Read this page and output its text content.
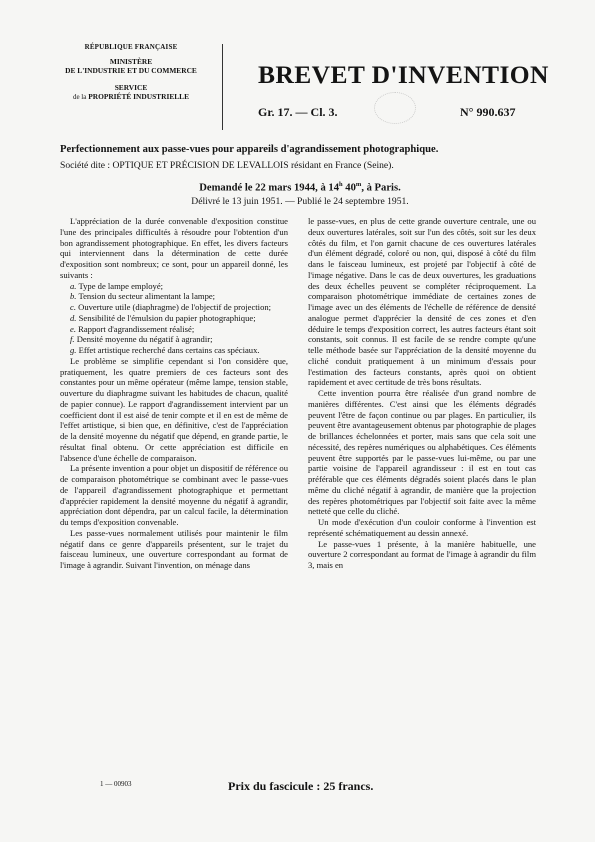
RÉPUBLIQUE FRANÇAISE
MINISTÈRE
DE L'INDUSTRIE ET DU COMMERCE
SERVICE
de la PROPRIÉTÉ INDUSTRIELLE
BREVET D'INVENTION
Gr. 17. — Cl. 3.	N° 990.637
Perfectionnement aux passe-vues pour appareils d'agrandissement photographique.
Société dite : OPTIQUE ET PRÉCISION DE LEVALLOIS résidant en France (Seine).
Demandé le 22 mars 1944, à 14$^h$ 40$^m$, à Paris.
Délivré le 13 juin 1951. — Publié le 24 septembre 1951.

L'appréciation de la durée convenable d'exposition constitue l'une des principales difficultés à résoudre pour l'obtention d'un bon agrandissement photographique. En effet, les divers facteurs qui interviennent dans la détermination de cette durée d'exposition sont nombreux; ce sont, pour un appareil donné, les suivants :

a. Type de lampe employé;

b. Tension du secteur alimentant la lampe;

c. Ouverture utile (diaphragme) de l'objectif de projection;

d. Sensibilité de l'émulsion du papier photographique;

e. Rapport d'agrandissement réalisé;

f. Densité moyenne du négatif à agrandir;

g. Effet artistique recherché dans certains cas spéciaux.

Le problème se simplifie cependant si l'on considère que, pratiquement, les quatre premiers de ces facteurs sont des constantes pour un même opérateur (même lampe, tension stable, ouverture du diaphragme suivant les habitudes de chacun, qualité de papier connue). Le rapport d'agrandissement intervient par un coefficient dont il est aisé de tenir compte et il en est de même de l'effet artistique, si bien que, en définitive, c'est de l'appréciation de la densité moyenne du négatif que dépend, en grande partie, le résultat final obtenu. Or cette appréciation est difficile en l'absence d'une échelle de comparaison.

La présente invention a pour objet un dispositif de référence ou de comparaison photométrique se combinant avec le passe-vues de l'appareil d'agrandissement photographique et permettant d'apprécier rapidement la densité moyenne du négatif à agrandir, appréciation dont dépendra, par un calcul facile, la détermination du temps d'exposition convenable.

Les passe-vues normalement utilisés pour maintenir le film négatif dans ce genre d'appareils présentent, sur le trajet du faisceau lumineux, une ouverture correspondant au format de l'image à agrandir. Suivant l'invention, on ménage dans

le passe-vues, en plus de cette grande ouverture centrale, une ou deux ouvertures latérales, soit sur l'un des côtés, soit sur les deux côtés du film, et l'on garnit chacune de ces ouvertures latérales d'un élément dégradé, coloré ou non, qui, disposé à côté du film dans le faisceau lumineux, est projeté par l'objectif à côté de l'image négative. Dans le cas de deux ouvertures, les graduations des deux échelles peuvent se compléter réciproquement. La comparaison photométrique immédiate de certaines zones de l'image avec un des éléments de l'échelle de référence de densité analogue permet d'apprécier la densité de ces zones et d'en déduire le temps d'exposition correct, les autres facteurs étant soit constants, soit connus. Il est facile de se rendre compte qu'une telle méthode basée sur l'appréciation de la densité moyenne du cliché conduit pratiquement à un minimum d'essais pour l'estimation des facteurs constants, après quoi on obtient rapidement et avec certitude de très bons résultats.

Cette invention pourra être réalisée d'un grand nombre de manières différentes. C'est ainsi que les éléments dégradés peuvent l'être de façon continue ou par plages. En particulier, ils peuvent être avantageusement obtenus par photographie de plages de brillances échelonnées et porter, mais sans que cela soit une nécessité, des repères numériques ou alphabétiques. Ces éléments peuvent être supportés par le passe-vues lui-même, ou par une partie voisine de l'appareil agrandisseur : il est en tout cas préférable que ces éléments dégradés soient placés dans le plan même du cliché négatif à agrandir, de manière que la projection des repères photométriques par l'objectif soit faite avec la même netteté que celle du cliché.

Un mode d'exécution d'un couloir conforme à l'invention est représenté schématiquement au dessin annexé.

Le passe-vues 1 présente, à la manière habituelle, une ouverture 2 correspondant au format de l'image à agrandir du film 3, mais en

1 — 00903	Prix du fascicule : 25 francs.
